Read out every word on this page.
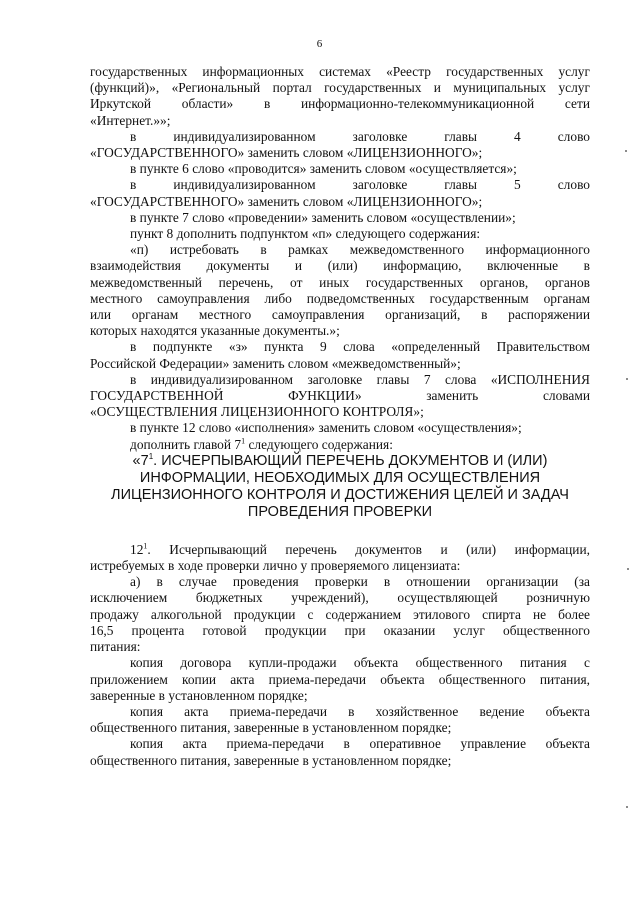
6

государственных информационных системах «Реестр государственных услуг

(функций)», «Региональный портал государственных и муниципальных услуг

Иркутской области» в информационно-телекоммуникационной сети

«Интернет.»»;

в индивидуализированном заголовке главы 4 слово

«ГОСУДАРСТВЕННОГО» заменить словом «ЛИЦЕНЗИОННОГО»;

в пункте 6 слово «проводится» заменить словом «осуществляется»;

в индивидуализированном заголовке главы 5 слово

«ГОСУДАРСТВЕННОГО» заменить словом «ЛИЦЕНЗИОННОГО»;

в пункте 7 слово «проведении» заменить словом «осуществлении»;

пункт 8 дополнить подпунктом «п» следующего содержания:

«п) истребовать в рамках межведомственного информационного

взаимодействия документы и (или) информацию, включенные в

межведомственный перечень, от иных государственных органов, органов

местного самоуправления либо подведомственных государственным органам

или органам местного самоуправления организаций, в распоряжении

которых находятся указанные документы.»;

в подпункте «з» пункта 9 слова «определенный Правительством

Российской Федерации» заменить словом «межведомственный»;

в индивидуализированном заголовке главы 7 слова «ИСПОЛНЕНИЯ

ГОСУДАРСТВЕННОЙ ФУНКЦИИ» заменить словами

«ОСУЩЕСТВЛЕНИЯ ЛИЦЕНЗИОННОГО КОНТРОЛЯ»;

в пункте 12 слово «исполнения» заменить словом «осуществления»;

дополнить главой $7^1$ следующего содержания:

«$7^1$. ИСЧЕРПЫВАЮЩИЙ ПЕРЕЧЕНЬ ДОКУМЕНТОВ И (ИЛИ)

ИНФОРМАЦИИ, НЕОБХОДИМЫХ ДЛЯ ОСУЩЕСТВЛЕНИЯ

ЛИЦЕНЗИОННОГО КОНТРОЛЯ И ДОСТИЖЕНИЯ ЦЕЛЕЙ И ЗАДАЧ

ПРОВЕДЕНИЯ ПРОВЕРКИ

$12^1$. Исчерпывающий перечень документов и (или) информации,

истребуемых в ходе проверки лично у проверяемого лицензиата:

а) в случае проведения проверки в отношении организации (за

исключением бюджетных учреждений), осуществляющей розничную

продажу алкогольной продукции с содержанием этилового спирта не более

16,5 процента готовой продукции при оказании услуг общественного

питания:

копия договора купли-продажи объекта общественного питания с

приложением копии акта приема-передачи объекта общественного питания,

заверенные в установленном порядке;

копия акта приема-передачи в хозяйственное ведение объекта

общественного питания, заверенные в установленном порядке;

копия акта приема-передачи в оперативное управление объекта

общественного питания, заверенные в установленном порядке;
